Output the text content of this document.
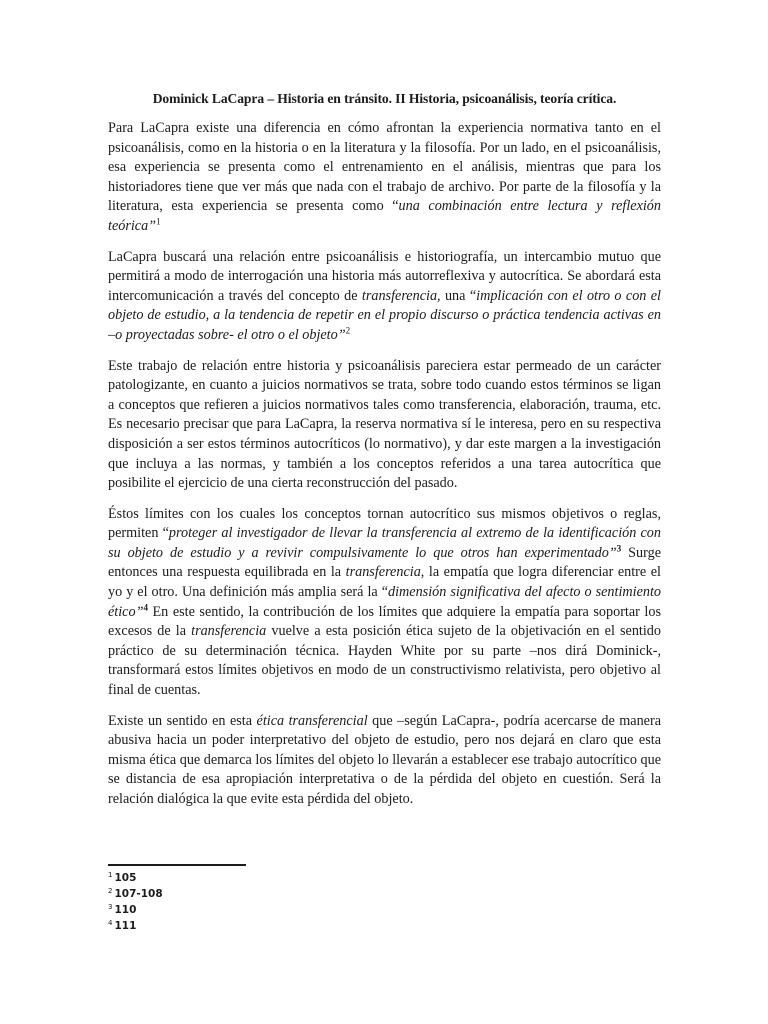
Dominick LaCapra – Historia en tránsito. II Historia, psicoanálisis, teoría crítica.

Para LaCapra existe una diferencia en cómo afrontan la experiencia normativa tanto en el psicoanálisis, como en la historia o en la literatura y la filosofía. Por un lado, en el psicoanálisis, esa experiencia se presenta como el entrenamiento en el análisis, mientras que para los historiadores tiene que ver más que nada con el trabajo de archivo. Por parte de la filosofía y la literatura, esta experiencia se presenta como “una combinación entre lectura y reflexión teórica”$^1$

LaCapra buscará una relación entre psicoanálisis e historiografía, un intercambio mutuo que permitirá a modo de interrogación una historia más autorreflexiva y autocrítica. Se abordará esta intercomunicación a través del concepto de transferencia, una “implicación con el otro o con el objeto de estudio, a la tendencia de repetir en el propio discurso o práctica tendencia activas en –o proyectadas sobre- el otro o el objeto”$^2$

Este trabajo de relación entre historia y psicoanálisis pareciera estar permeado de un carácter patologizante, en cuanto a juicios normativos se trata, sobre todo cuando estos términos se ligan a conceptos que refieren a juicios normativos tales como transferencia, elaboración, trauma, etc. Es necesario precisar que para LaCapra, la reserva normativa sí le interesa, pero en su respectiva disposición a ser estos términos autocríticos (lo normativo), y dar este margen a la investigación que incluya a las normas, y también a los conceptos referidos a una tarea autocrítica que posibilite el ejercicio de una cierta reconstrucción del pasado.

Éstos límites con los cuales los conceptos tornan autocrítico sus mismos objetivos o reglas, permiten “proteger al investigador de llevar la transferencia al extremo de la identificación con su objeto de estudio y a revivir compulsivamente lo que otros han experimentado”$^3$ Surge entonces una respuesta equilibrada en la transferencia, la empatía que logra diferenciar entre el yo y el otro. Una definición más amplia será la “dimensión significativa del afecto o sentimiento ético”$^4$ En este sentido, la contribución de los límites que adquiere la empatía para soportar los excesos de la transferencia vuelve a esta posición ética sujeto de la objetivación en el sentido práctico de su determinación técnica. Hayden White por su parte –nos dirá Dominick-, transformará estos límites objetivos en modo de un constructivismo relativista, pero objetivo al final de cuentas.

Existe un sentido en esta ética transferencial que –según LaCapra-, podría acercarse de manera abusiva hacia un poder interpretativo del objeto de estudio, pero nos dejará en claro que esta misma ética que demarca los límites del objeto lo llevarán a establecer ese trabajo autocrítico que se distancia de esa apropiación interpretativa o de la pérdida del objeto en cuestión. Será la relación dialógica la que evite esta pérdida del objeto.

$^1$ 105
$^2$ 107-108
$^3$ 110
$^4$ 111
